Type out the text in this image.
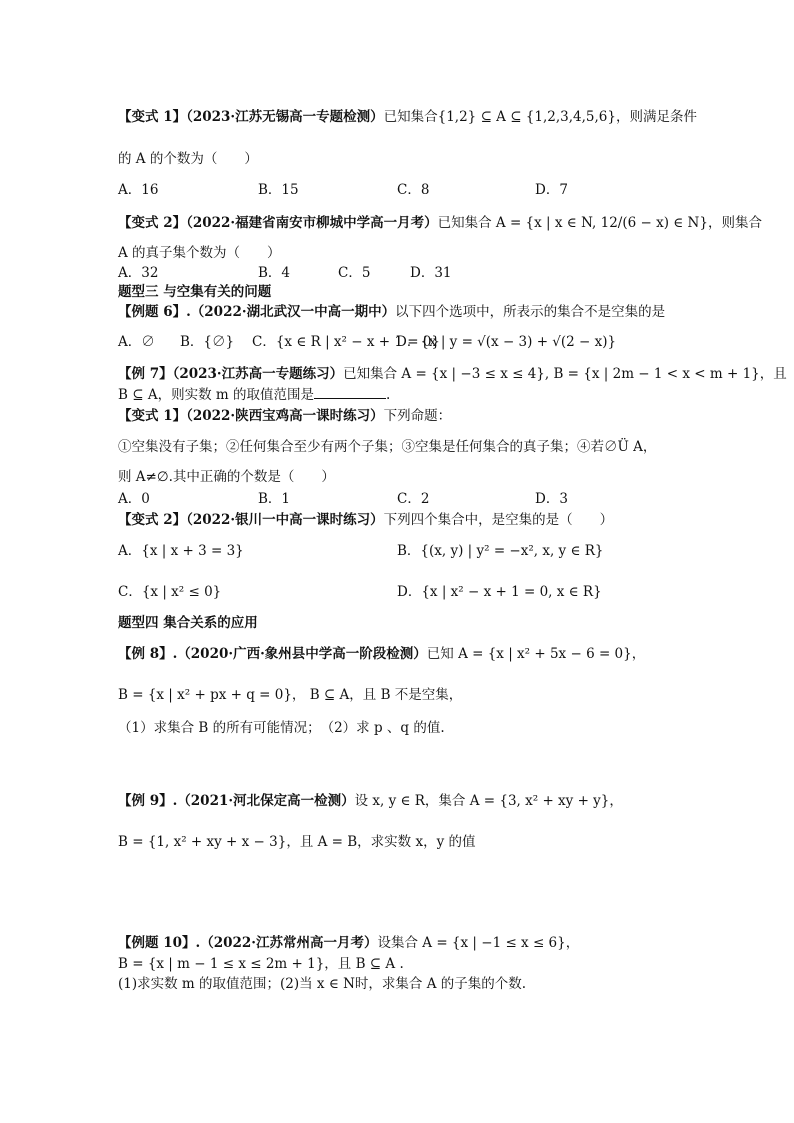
【变式 1】（2023·江苏无锡高一专题检测）已知集合{1,2} ⊆ A ⊆ {1,2,3,4,5,6}，则满足条件
的 A 的个数为（　　）
A．16	B．15	C．8	D．7
【变式 2】（2022·福建省南安市柳城中学高一月考）已知集合 A = {x | x ∈ N, 12/(6 − x) ∈ N}，则集合
A 的真子集个数为（　　）
A．32	B．4	C．5	D．31
题型三 与空集有关的问题
【例题 6】.（2022·湖北武汉一中高一期中）以下四个选项中，所表示的集合不是空集的是
A．∅ B．{∅} C．{x ∈ R | x² − x + 1 = 0}
D．{x | y = √(x − 3) + √(2 − x)}
【例 7】（2023·江苏高一专题练习）已知集合 A = {x | −3 ≤ x ≤ 4}, B = {x | 2m − 1 < x < m + 1}，且
B ⊆ A，则实数 m 的取值范围是	.
【变式 1】（2022·陕西宝鸡高一课时练习）下列命题：
①空集没有子集；②任何集合至少有两个子集；③空集是任何集合的真子集；④若∅Ü A，
则 A≠∅.其中正确的个数是（　　）
A．0	B．1	C．2	D．3
【变式 2】（2022·银川一中高一课时练习）下列四个集合中，是空集的是（　　）
A．{x | x + 3 = 3}	B．{(x, y) | y² = −x², x, y ∈ R}
C．{x | x² ≤ 0}	D．{x | x² − x + 1 = 0, x ∈ R}
题型四 集合关系的应用
【例 8】.（2020·广西·象州县中学高一阶段检测）已知 A = {x | x² + 5x − 6 = 0}，
B = {x | x² + px + q = 0}， B ⊆ A，且 B 不是空集，
（1）求集合 B 的所有可能情况；　（2）求 p 、q 的值.
【例 9】.（2021·河北保定高一检测）设 x, y ∈ R，集合 A = {3, x² + xy + y}，
B = {1, x² + xy + x − 3}，且 A = B，求实数 x，y 的值
【例题 10】.（2022·江苏常州高一月考）设集合 A = {x | −1 ≤ x ≤ 6}，
B = {x | m − 1 ≤ x ≤ 2m + 1}，且 B ⊆ A .
(1)求实数 m 的取值范围；(2)当 x ∈ N时，求集合 A 的子集的个数.
